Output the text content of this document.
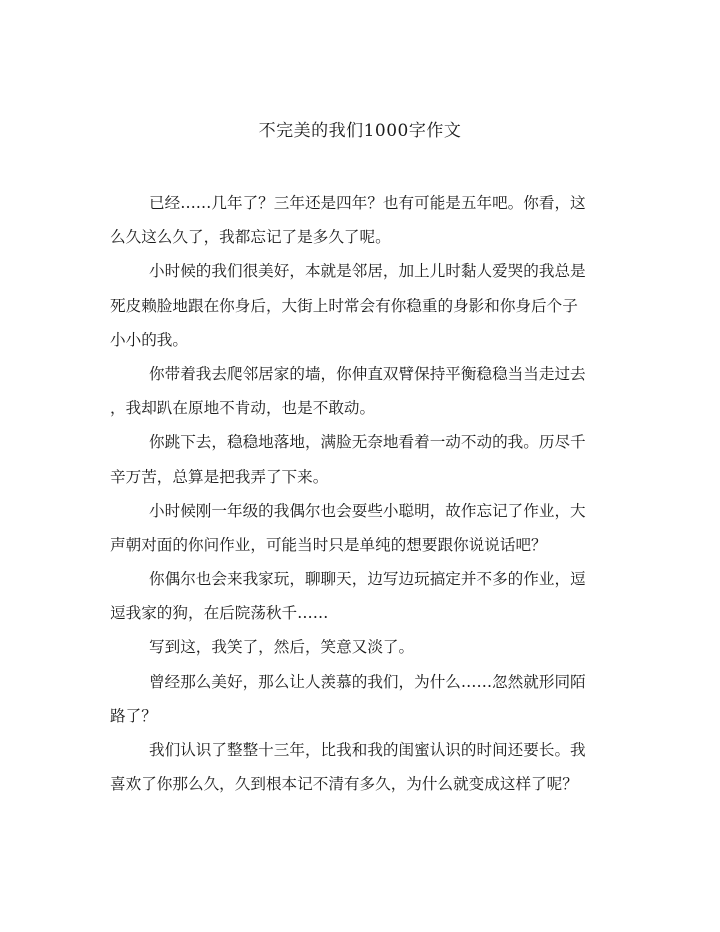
不完美的我们1000字作文
已经……几年了？三年还是四年？也有可能是五年吧。你看，这
么久这么久了，我都忘记了是多久了呢。
小时候的我们很美好，本就是邻居，加上儿时黏人爱哭的我总是
死皮赖脸地跟在你身后，大街上时常会有你稳重的身影和你身后个子
小小的我。
你带着我去爬邻居家的墙，你伸直双臂保持平衡稳稳当当走过去
，我却趴在原地不肯动，也是不敢动。
你跳下去，稳稳地落地，满脸无奈地看着一动不动的我。历尽千
辛万苦，总算是把我弄了下来。
小时候刚一年级的我偶尔也会耍些小聪明，故作忘记了作业，大
声朝对面的你问作业，可能当时只是单纯的想要跟你说说话吧？
你偶尔也会来我家玩，聊聊天，边写边玩搞定并不多的作业，逗
逗我家的狗，在后院荡秋千……
写到这，我笑了，然后，笑意又淡了。
曾经那么美好，那么让人羡慕的我们，为什么……忽然就形同陌
路了？
我们认识了整整十三年，比我和我的闺蜜认识的时间还要长。我
喜欢了你那么久，久到根本记不清有多久，为什么就变成这样了呢？
